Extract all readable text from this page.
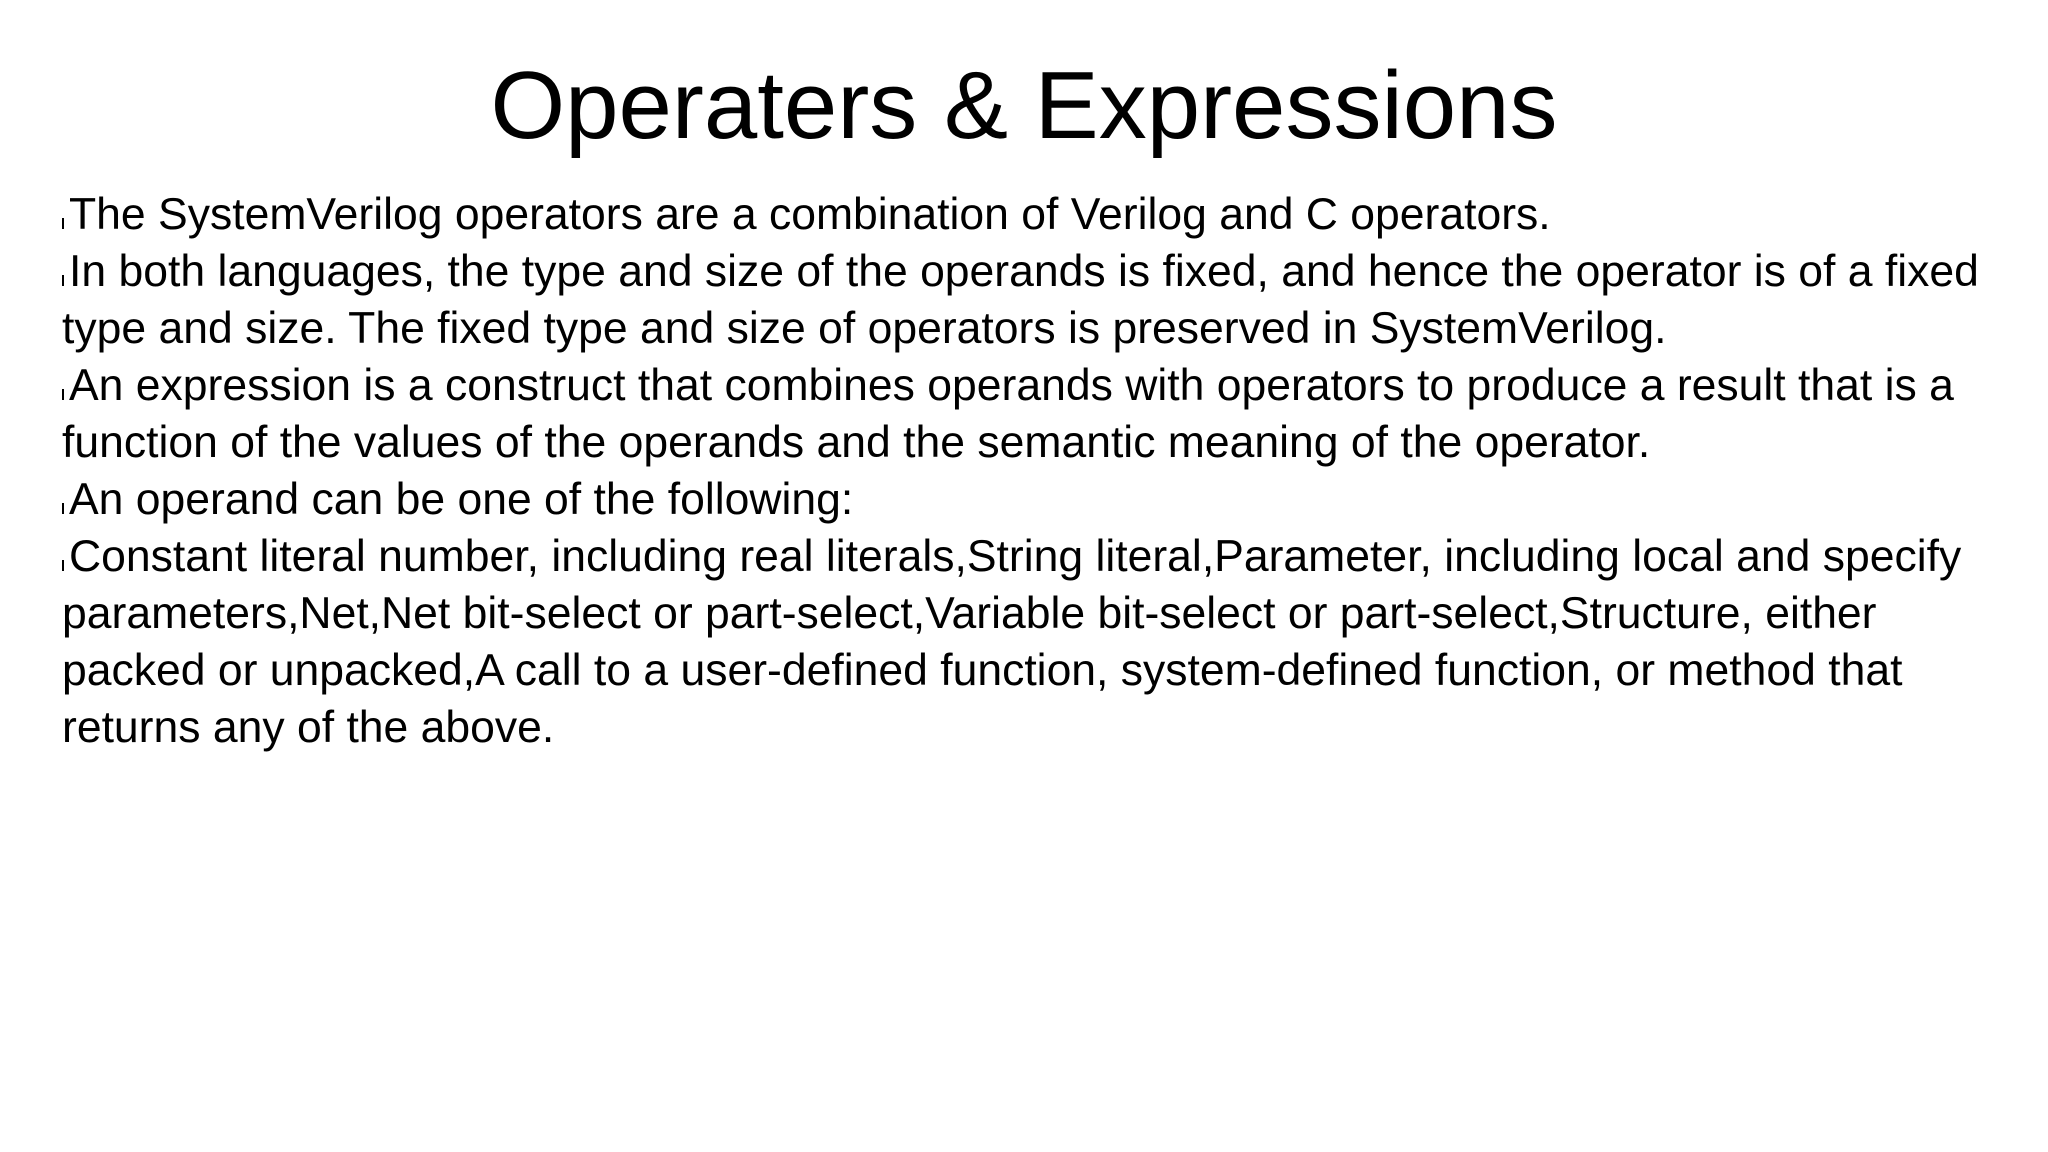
Operaters & Expressions
The SystemVerilog operators are a combination of Verilog and C operators.
In both languages, the type and size of the operands is fixed, and hence the operator is of a fixed type and size. The fixed type and size of operators is preserved in SystemVerilog.
An expression is a construct that combines operands with operators to produce a result that is a function of the values of the operands and the semantic meaning of the operator.
An operand can be one of the following:
Constant literal number, including real literals,String literal,Parameter, including local and specify parameters,Net,Net bit-select or part-select,Variable bit-select or part-select,Structure, either packed or unpacked,A call to a user-defined function, system-defined function, or method that returns any of the above.
